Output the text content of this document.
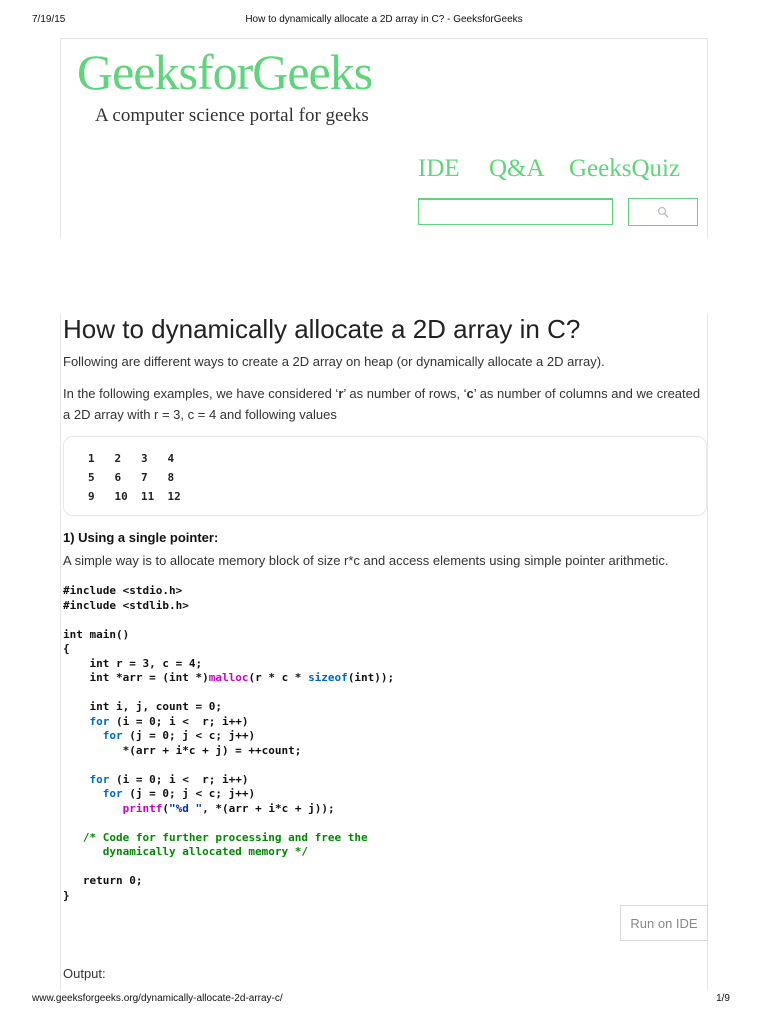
7/19/15	How to dynamically allocate a 2D array in C? - GeeksforGeeks
GeeksforGeeks
A computer science portal for geeks
IDE Q&A GeeksQuiz
How to dynamically allocate a 2D array in C?

Following are different ways to create a 2D array on heap (or dynamically allocate a 2D array).

In the following examples, we have considered ‘r’ as number of rows, ‘c’ as number of columns and we created a 2D array with r = 3, c = 4 and following values

1   2   3   4
5   6   7   8
9   10  11  12
1) Using a single pointer:

A simple way is to allocate memory block of size r*c and access elements using simple pointer arithmetic.

#include <stdio.h>
#include <stdlib.h>

int main()
{
int r = 3, c = 4;
int *arr = (int *)malloc(r * c * sizeof(int));

int i, j, count = 0;
for (i = 0; i <  r; i++)
for (j = 0; j < c; j++)
*(arr + i*c + j) = ++count;

for (i = 0; i <  r; i++)
for (j = 0; j < c; j++)
printf("%d ", *(arr + i*c + j));

/* Code for further processing and free the
dynamically allocated memory */

return 0;
}
Run on IDE
Output:
www.geeksforgeeks.org/dynamically-allocate-2d-array-c/	1/9
